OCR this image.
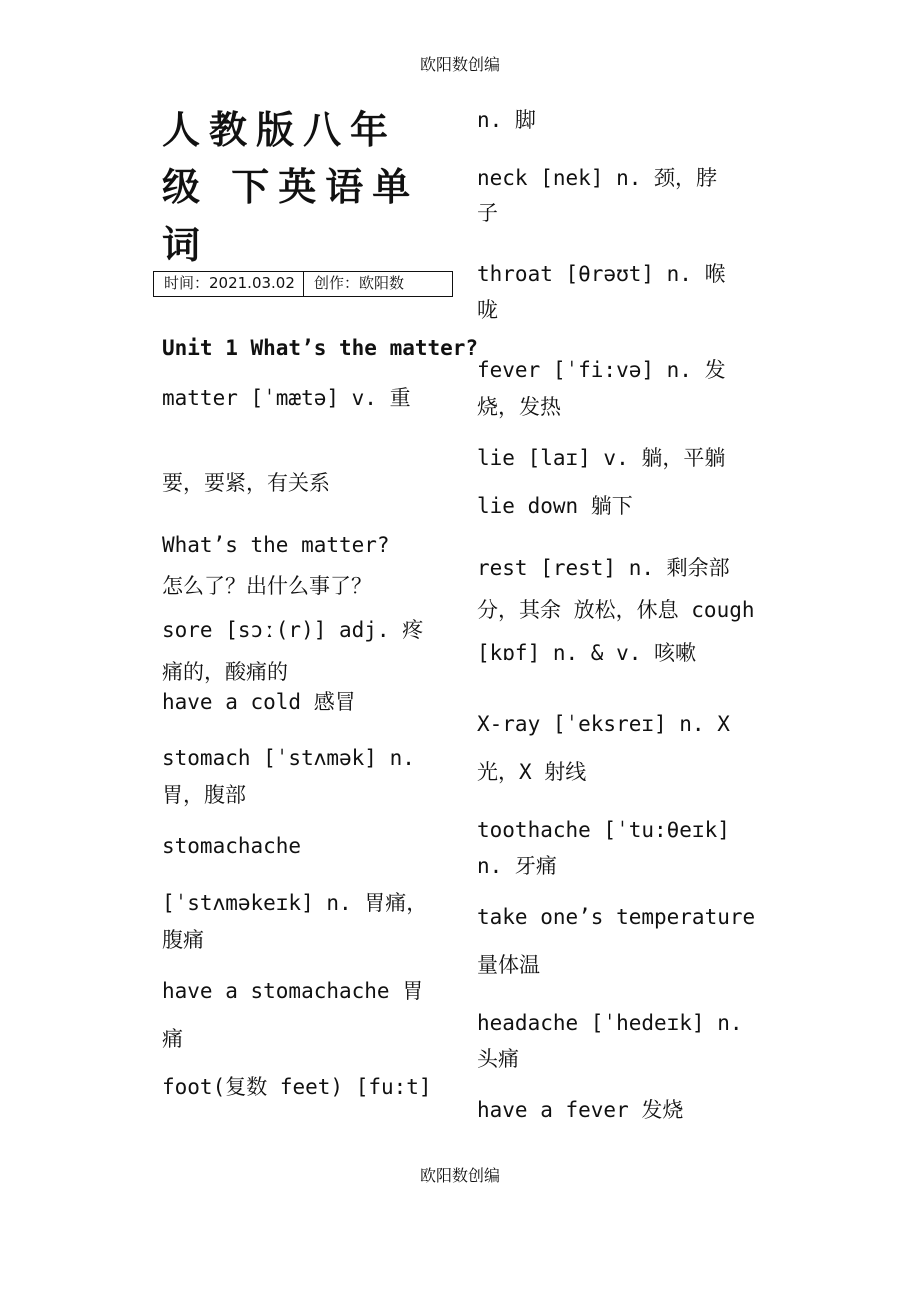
欧阳数创编
人教版八年
级 下英语单词
时间：2021.03.02	创作：欧阳数
Unit 1 What’s the matter?
matter [ˈmætə] v. 重
要，要紧，有关系
What’s the matter?
怎么了？出什么事了？
sore [sɔː(r)] adj. 疼
痛的，酸痛的
have a cold 感冒
stomach [ˈstʌmək] n.
胃，腹部
stomachache
[ˈstʌməkeɪk] n. 胃痛，
腹痛
have a stomachache 胃
痛
foot(复数 feet) [fu:t]
n. 脚
neck [nek] n. 颈，脖
子
throat [θrəʊt] n. 喉
咙
fever [ˈfi:və] n. 发
烧，发热
lie [laɪ] v. 躺，平躺
lie down 躺下
rest [rest] n. 剩余部
分，其余 放松，休息 cough
[kɒf] n. & v. 咳嗽
X-ray [ˈeksreɪ] n. X
光，X 射线
toothache [ˈtu:θeɪk]
n. 牙痛
take one’s temperature
量体温
headache [ˈhedeɪk] n.
头痛
have a fever 发烧
欧阳数创编
